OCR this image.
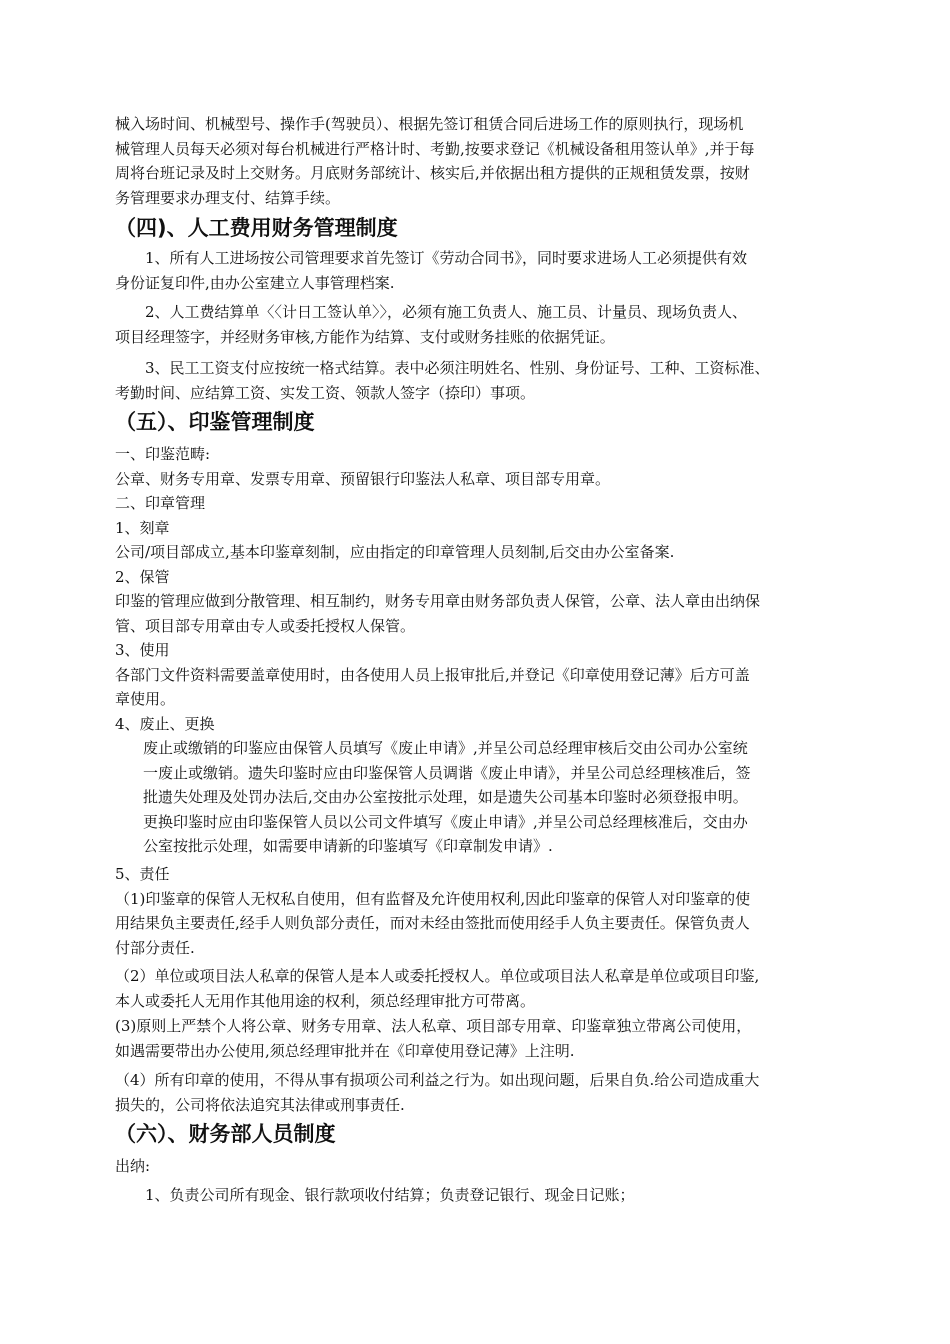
械入场时间、机械型号、操作手(驾驶员）、根据先签订租赁合同后进场工作的原则执行，现场机

械管理人员每天必须对每台机械进行严格计时、考勤,按要求登记《机械设备租用签认单》,并于每

周将台班记录及时上交财务。月底财务部统计、核实后,并依据出租方提供的正规租赁发票，按财

务管理要求办理支付、结算手续。

（四)、人工费用财务管理制度

1、所有人工进场按公司管理要求首先签订《劳动合同书》，同时要求进场人工必须提供有效

身份证复印件,由办公室建立人事管理档案.

2、人工费结算单〈〈计日工签认单〉〉，必须有施工负责人、施工员、计量员、现场负责人、

项目经理签字，并经财务审核,方能作为结算、支付或财务挂账的依据凭证。

3、民工工资支付应按统一格式结算。表中必须注明姓名、性别、身份证号、工种、工资标准、

考勤时间、应结算工资、实发工资、领款人签字（捺印）事项。

（五）、印鉴管理制度

一、印鉴范畴:

公章、财务专用章、发票专用章、预留银行印鉴法人私章、项目部专用章。

二、印章管理

1、刻章

公司/项目部成立,基本印鉴章刻制，应由指定的印章管理人员刻制,后交由办公室备案.

2、保管

印鉴的管理应做到分散管理、相互制约，财务专用章由财务部负责人保管，公章、法人章由出纳保

管、项目部专用章由专人或委托授权人保管。

3、使用

各部门文件资料需要盖章使用时，由各使用人员上报审批后,并登记《印章使用登记薄》后方可盖

章使用。

4、废止、更换

废止或缴销的印鉴应由保管人员填写《废止申请》,并呈公司总经理审核后交由公司办公室统

一废止或缴销。遗失印鉴时应由印鉴保管人员调谐《废止申请》，并呈公司总经理核准后，签

批遗失处理及处罚办法后,交由办公室按批示处理，如是遗失公司基本印鉴时必须登报申明。

更换印鉴时应由印鉴保管人员以公司文件填写《废止申请》,并呈公司总经理核准后，交由办

公室按批示处理，如需要申请新的印鉴填写《印章制发申请》.

5、责任

（1)印鉴章的保管人无权私自使用，但有监督及允许使用权利,因此印鉴章的保管人对印鉴章的使

用结果负主要责任,经手人则负部分责任，而对未经由签批而使用经手人负主要责任。保管负责人

付部分责任.

（2）单位或项目法人私章的保管人是本人或委托授权人。单位或项目法人私章是单位或项目印鉴,

本人或委托人无用作其他用途的权利，须总经理审批方可带离。

(3)原则上严禁个人将公章、财务专用章、法人私章、项目部专用章、印鉴章独立带离公司使用，

如遇需要带出办公使用,须总经理审批并在《印章使用登记薄》上注明.

（4）所有印章的使用，不得从事有损项公司利益之行为。如出现问题，后果自负.给公司造成重大

损失的，公司将依法追究其法律或刑事责任.

（六）、财务部人员制度

出纳:

1、负责公司所有现金、银行款项收付结算；负责登记银行、现金日记账；
